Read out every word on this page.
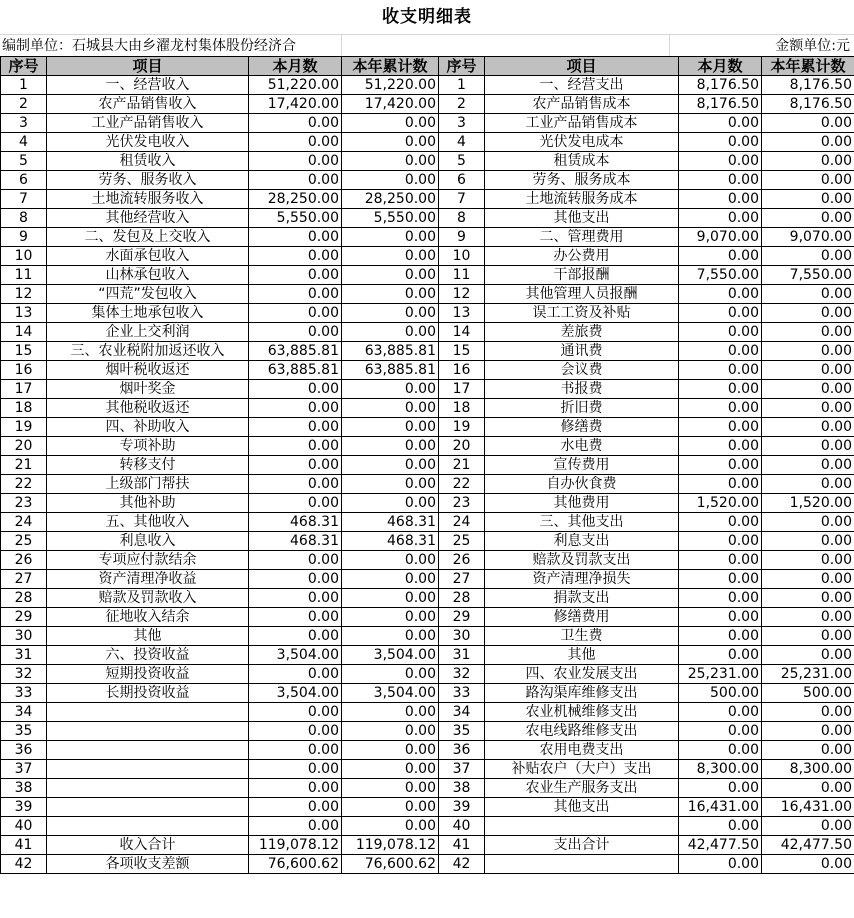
收支明细表
编制单位：石城县大由乡濯龙村集体股份经济合	金额单位:元
序号	项目	本月数	本年累计数	序号	项目	本月数	本年累计数
1	一、经营收入	51,220.00	51,220.00	1	一、经营支出	8,176.50	8,176.50
2	农产品销售收入	17,420.00	17,420.00	2	农产品销售成本	8,176.50	8,176.50
3	工业产品销售收入	0.00	0.00	3	工业产品销售成本	0.00	0.00
4	光伏发电收入	0.00	0.00	4	光伏发电成本	0.00	0.00
5	租赁收入	0.00	0.00	5	租赁成本	0.00	0.00
6	劳务、服务收入	0.00	0.00	6	劳务、服务成本	0.00	0.00
7	土地流转服务收入	28,250.00	28,250.00	7	土地流转服务成本	0.00	0.00
8	其他经营收入	5,550.00	5,550.00	8	其他支出	0.00	0.00
9	二、发包及上交收入	0.00	0.00	9	二、管理费用	9,070.00	9,070.00
10	水面承包收入	0.00	0.00	10	办公费用	0.00	0.00
11	山林承包收入	0.00	0.00	11	干部报酬	7,550.00	7,550.00
12	“四荒”发包收入	0.00	0.00	12	其他管理人员报酬	0.00	0.00
13	集体土地承包收入	0.00	0.00	13	误工工资及补贴	0.00	0.00
14	企业上交利润	0.00	0.00	14	差旅费	0.00	0.00
15	三、农业税附加返还收入	63,885.81	63,885.81	15	通讯费	0.00	0.00
16	烟叶税收返还	63,885.81	63,885.81	16	会议费	0.00	0.00
17	烟叶奖金	0.00	0.00	17	书报费	0.00	0.00
18	其他税收返还	0.00	0.00	18	折旧费	0.00	0.00
19	四、补助收入	0.00	0.00	19	修缮费	0.00	0.00
20	专项补助	0.00	0.00	20	水电费	0.00	0.00
21	转移支付	0.00	0.00	21	宣传费用	0.00	0.00
22	上级部门帮扶	0.00	0.00	22	自办伙食费	0.00	0.00
23	其他补助	0.00	0.00	23	其他费用	1,520.00	1,520.00
24	五、其他收入	468.31	468.31	24	三、其他支出	0.00	0.00
25	利息收入	468.31	468.31	25	利息支出	0.00	0.00
26	专项应付款结余	0.00	0.00	26	赔款及罚款支出	0.00	0.00
27	资产清理净收益	0.00	0.00	27	资产清理净损失	0.00	0.00
28	赔款及罚款收入	0.00	0.00	28	捐款支出	0.00	0.00
29	征地收入结余	0.00	0.00	29	修缮费用	0.00	0.00
30	其他	0.00	0.00	30	卫生费	0.00	0.00
31	六、投资收益	3,504.00	3,504.00	31	其他	0.00	0.00
32	短期投资收益	0.00	0.00	32	四、农业发展支出	25,231.00	25,231.00
33	长期投资收益	3,504.00	3,504.00	33	路沟渠库维修支出	500.00	500.00
34		0.00	0.00	34	农业机械维修支出	0.00	0.00
35		0.00	0.00	35	农电线路维修支出	0.00	0.00
36		0.00	0.00	36	农用电费支出	0.00	0.00
37		0.00	0.00	37	补贴农户（大户）支出	8,300.00	8,300.00
38		0.00	0.00	38	农业生产服务支出	0.00	0.00
39		0.00	0.00	39	其他支出	16,431.00	16,431.00
40		0.00	0.00	40		0.00	0.00
41	收入合计	119,078.12	119,078.12	41	支出合计	42,477.50	42,477.50
42	各项收支差额	76,600.62	76,600.62	42		0.00	0.00
